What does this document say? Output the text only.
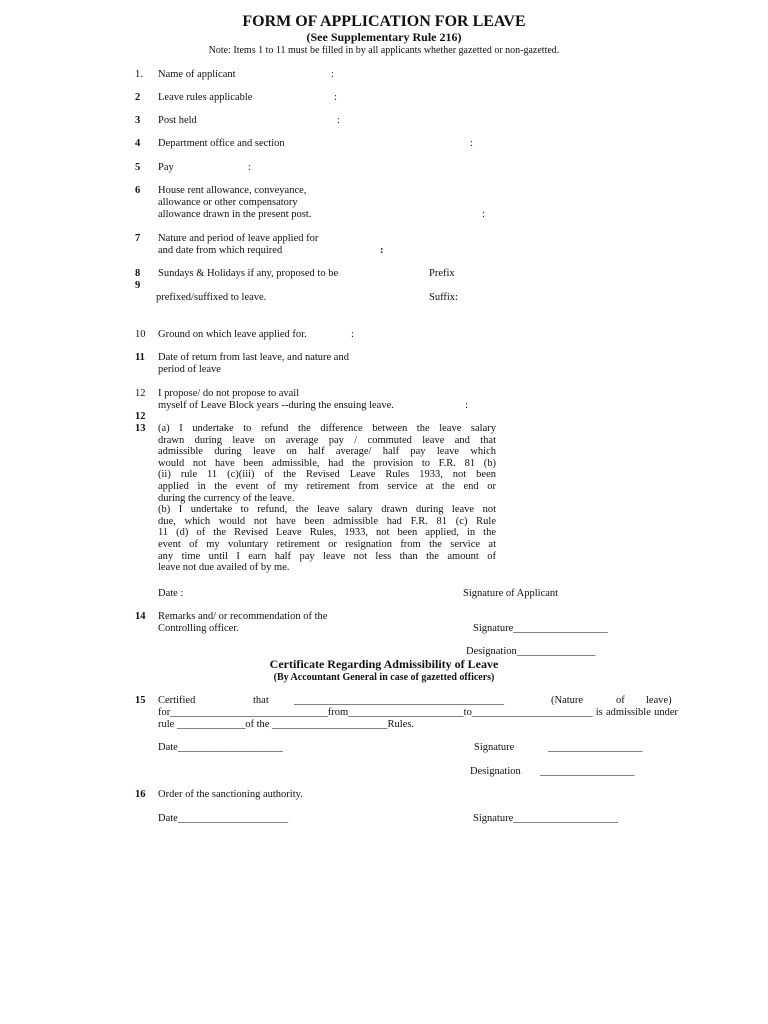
FORM OF APPLICATION FOR LEAVE
(See Supplementary Rule 216)
Note: Items 1 to 11 must be filled in by all applicants whether gazetted or non-gazetted.
1. Name of applicant	:
2 Leave rules applicable	:
3 Post held	:
4 Department office and section	:
5 Pay	:
6 House rent allowance, conveyance,
allowance or other compensatory
allowance drawn in the present post.	:
7 Nature and period of leave applied for
and date from which required	:
8
9
Sundays & Holidays if any, proposed to be	Prefix
prefixed/suffixed to leave.	Suffix:
10 Ground on which leave applied for.	:
11 Date of return from last leave, and nature and
period of leave
12 I propose/ do not propose to avail
myself of Leave Block years --during the ensuing leave.	:
12
13 (a) I undertake to refund the difference between the leave salary
drawn during leave on average pay / commuted leave and that
admissible during leave on half average/ half pay leave which
would not have been admissible, had the provision to F.R. 81 (b)
(ii) rule 11 (c)(iii) of the Revised Leave Rules 1933, not been
applied in the event of my retirement from service at the end or
during the currency of the leave.
(b) I undertake to refund, the leave salary drawn during leave not
due, which would not have been admissible had F.R. 81 (c) Rule
11 (d) of the Revised Leave Rules, 1933, not been applied, in the
event of my voluntary retirement or resignation from the service at
any time until I earn half pay leave not less than the amount of
leave not due availed of by me.
Date :	Signature of Applicant
14 Remarks and/ or recommendation of the
Controlling officer.	Signature__________________
Designation_______________
Certificate Regarding Admissibility of Leave
(By Accountant General in case of gazetted officers)
15 Certified	that ________________________________________	(Nature	of leave)
for______________________________from______________________to_______________________ is admissible under
rule _____________of the ______________________Rules.
Date____________________	Signature	__________________
Designation __________________
16 Order of the sanctioning authority.
Date_____________________	Signature____________________
